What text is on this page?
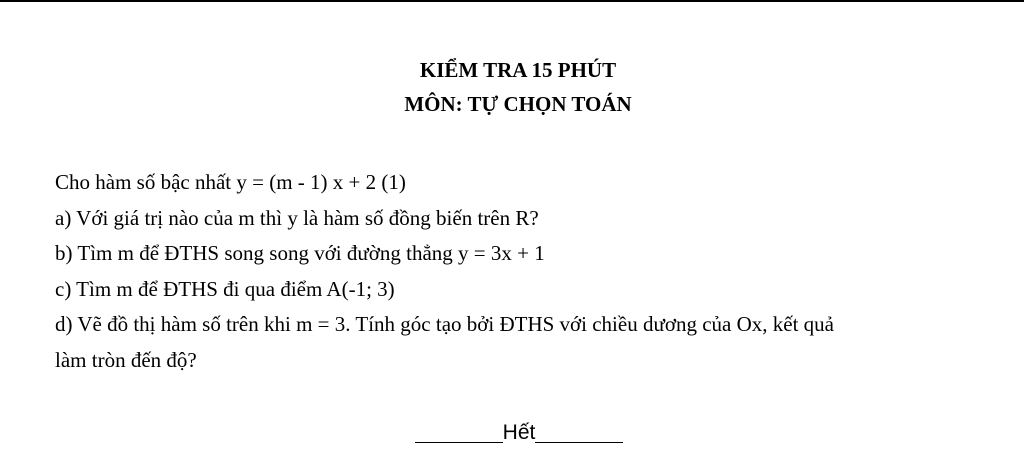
KIỂM TRA 15 PHÚT
MÔN: TỰ CHỌN TOÁN

Cho hàm số bậc nhất y = (m - 1) x + 2 (1)

a) Với giá trị nào của m thì y là hàm số đồng biến trên R?

b) Tìm m để ĐTHS song song với đường thẳng y = 3x + 1

c) Tìm m để ĐTHS đi qua điểm A(-1; 3)

d) Vẽ đồ thị hàm số trên khi m = 3. Tính góc tạo bởi ĐTHS với chiều dương của Ox, kết quả

làm tròn đến độ?

Hết
